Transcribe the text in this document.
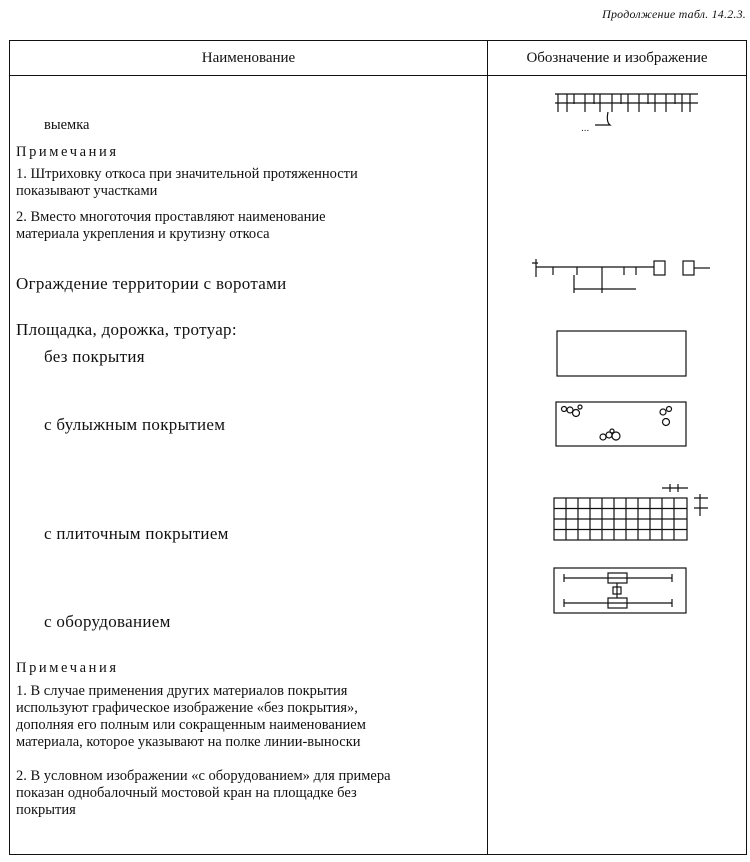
Продолжение табл. 14.2.3.
Наименование	Обозначение и изображение
выемка
Примечания
1. Штриховку откоса при значительной протяженности
показывают участками
2. Вместо многоточия проставляют наименование
материала укрепления и крутизну откоса
Ограждение территории с воротами
Площадка, дорожка, тротуар:
без покрытия
с булыжным покрытием
с плиточным покрытием
с оборудованием
Примечания
1. В случае применения других материалов покрытия
используют графическое изображение «без покрытия»,
дополняя его полным или сокращенным наименованием
материала, которое указывают на полке линии-выноски
2. В условном изображении «с оборудованием» для примера
показан однобалочный мостовой кран на площадке без
покрытия
...
